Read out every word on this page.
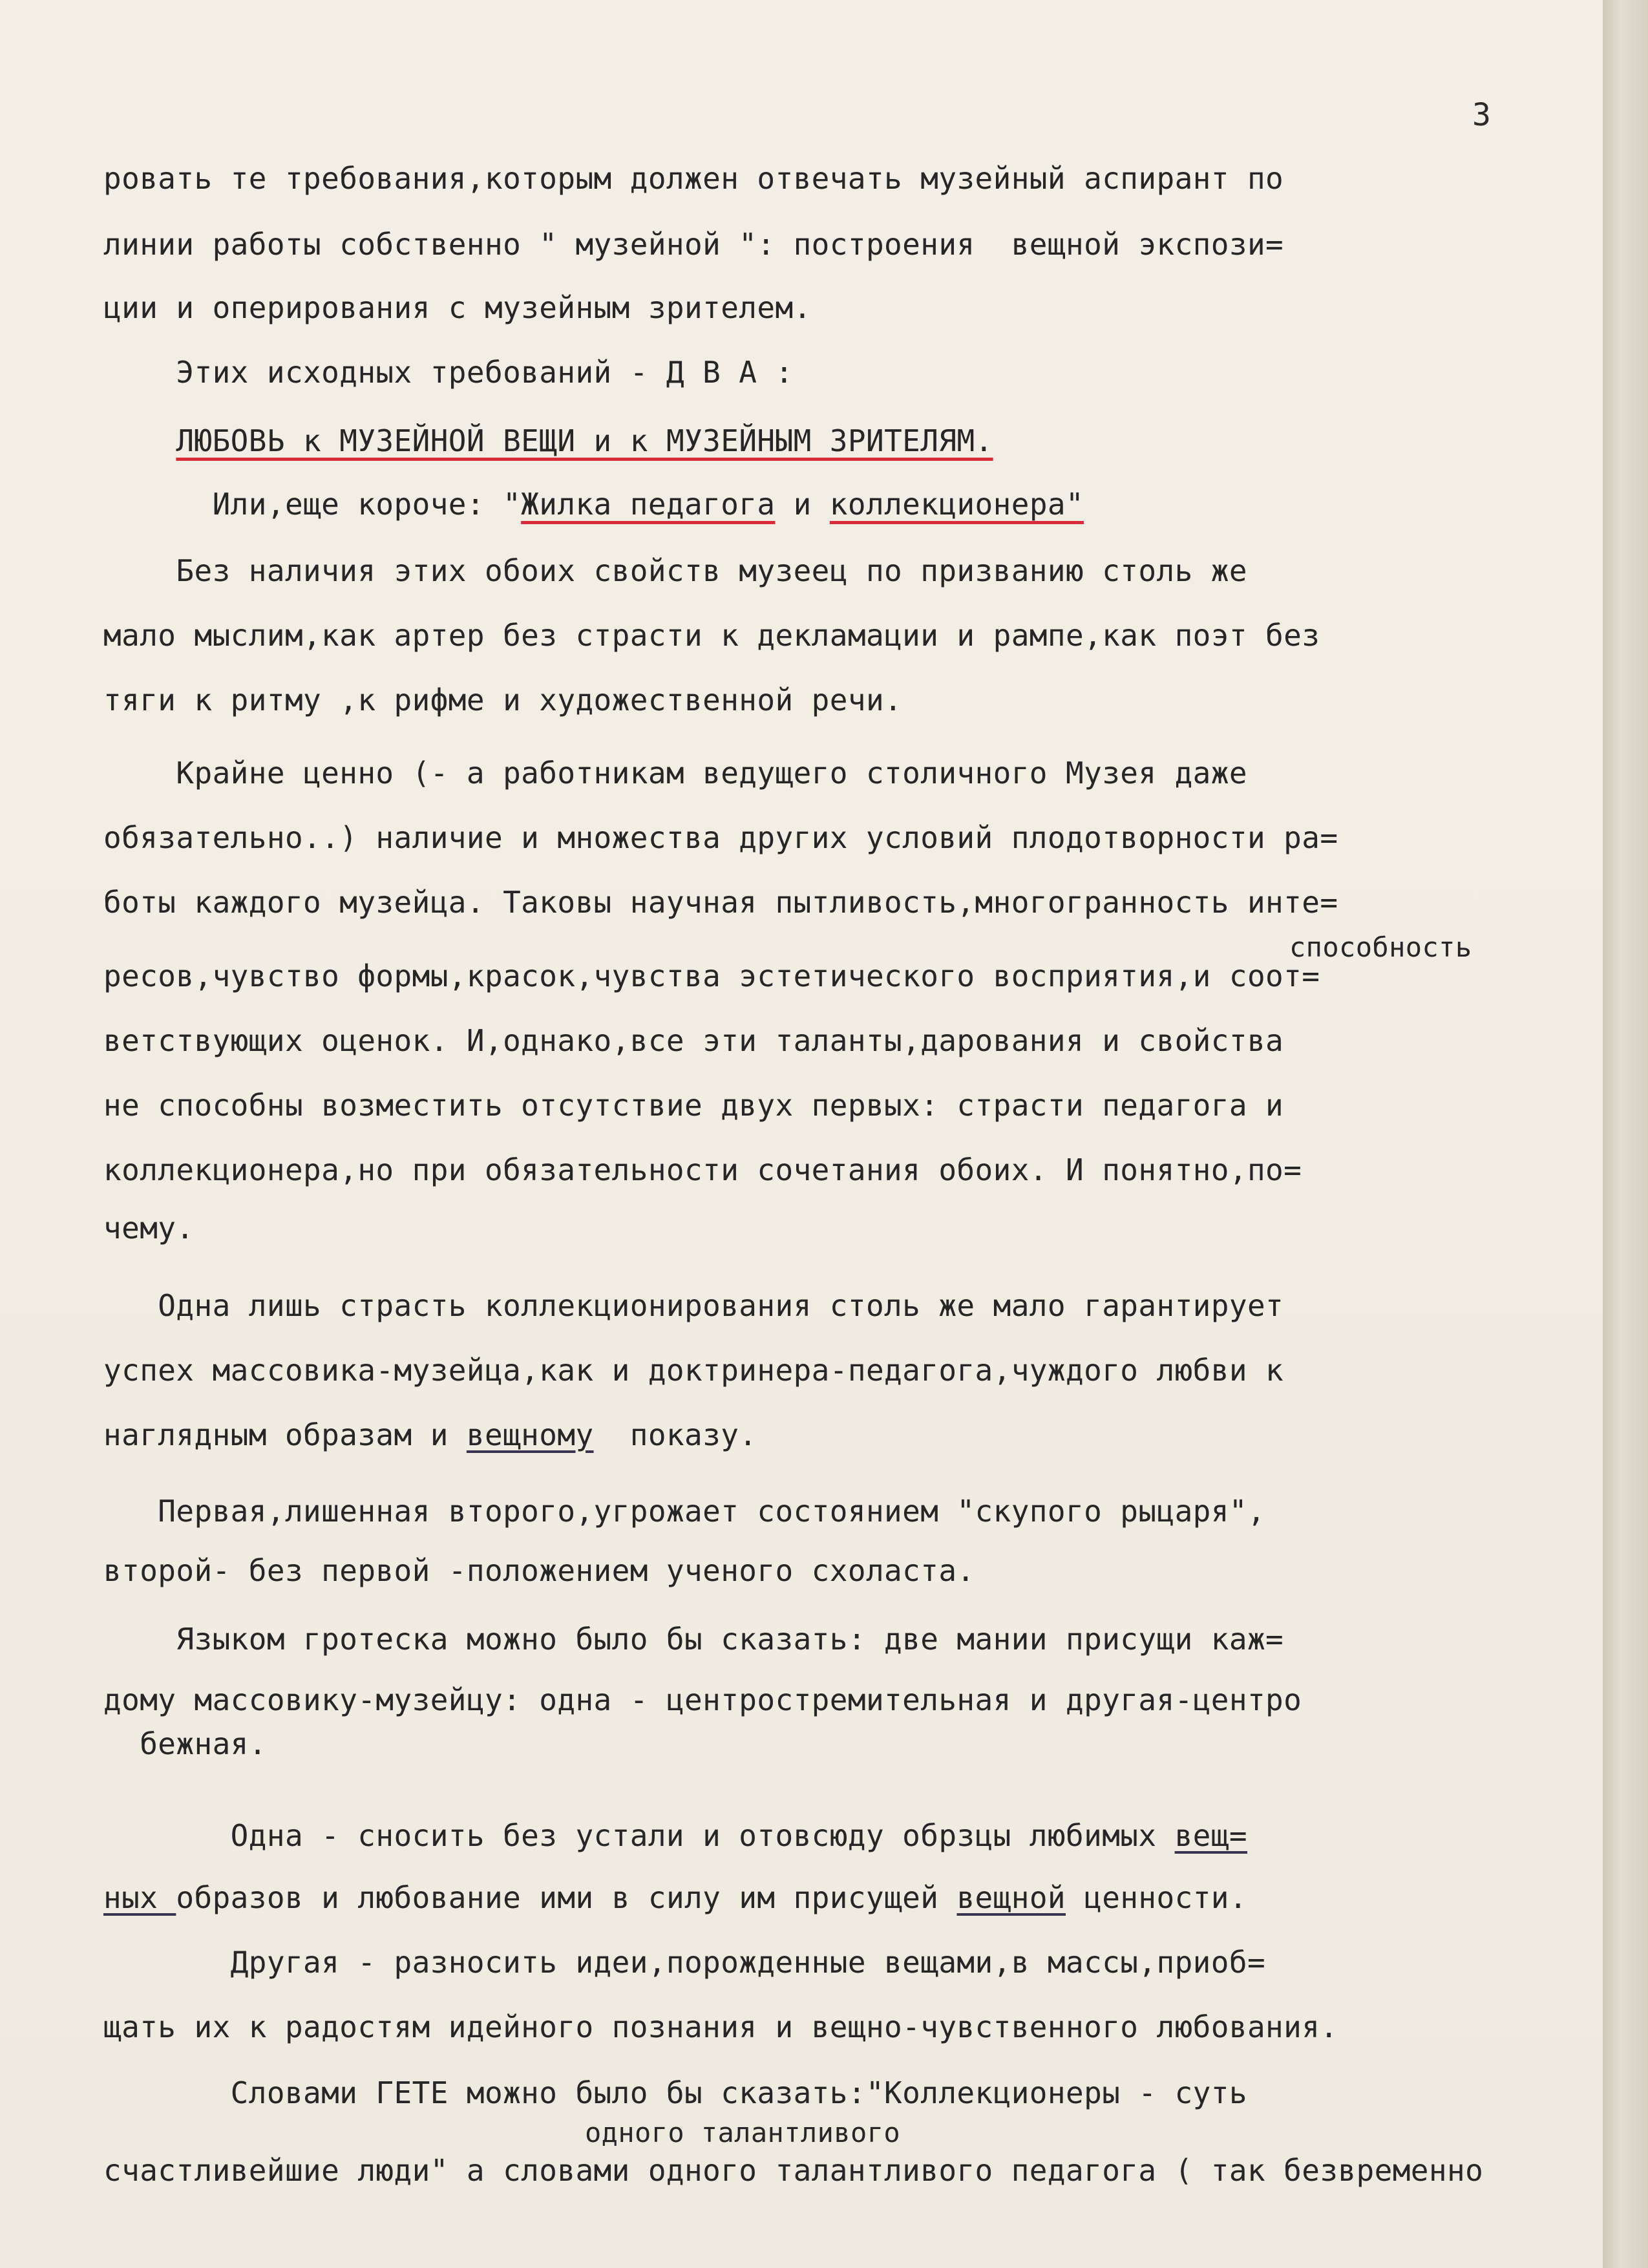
3
ровать те требования,которым должен отвечать музейный аспирант по
линии работы собственно " музейной ": построения  вещной экспози=
ции и оперирования с музейным зрителем.
Этих исходных требований - Д В А :
ЛЮБОВЬ к МУЗЕЙНОЙ ВЕЩИ и к МУЗЕЙНЫМ ЗРИТЕЛЯМ.
Или,еще короче: "Жилка педагога и коллекционера"
Без наличия этих обоих свойств музеец по призванию столь же
мало мыслим,как артер без страсти к декламации и рампе,как поэт без
тяги к ритму ,к рифме и художественной речи.
Крайне ценно (- а работникам ведущего столичного Музея даже
обязательно..) наличие и множества других условий плодотворности ра=
боты каждого музейца. Таковы научная пытливость,многогранность инте=
способность
ресов,чувство формы,красок,чувства эстетического восприятия,и соот=
ветствующих оценок. И,однако,все эти таланты,дарования и свойства
не способны возместить отсутствие двух первых: страсти педагога и
коллекционера,но при обязательности сочетания обоих. И понятно,по=
чему.
Одна лишь страсть коллекционирования столь же мало гарантирует
успех массовика-музейца,как и доктринера-педагога,чуждого любви к
наглядным образам и вещному  показу.
Первая,лишенная второго,угрожает состоянием "скупого рыцаря",
второй- без первой -положением ученого схоласта.
Языком гротеска можно было бы сказать: две мании присущи каж=
дому массовику-музейцу: одна - центростремительная и другая-центро
бежная.
Одна - сносить без устали и отовсюду обрзцы любимых вещ=
ных образов и любование ими в силу им присущей вещной ценности.
Другая - разносить идеи,порожденные вещами,в массы,приоб=
щать их к радостям идейного познания и вещно-чувственного любования.
Словами ГЕТЕ можно было бы сказать:"Коллекционеры - суть
одного талантливого
счастливейшие люди" а словами одного талантливого педагога ( так безвременно
